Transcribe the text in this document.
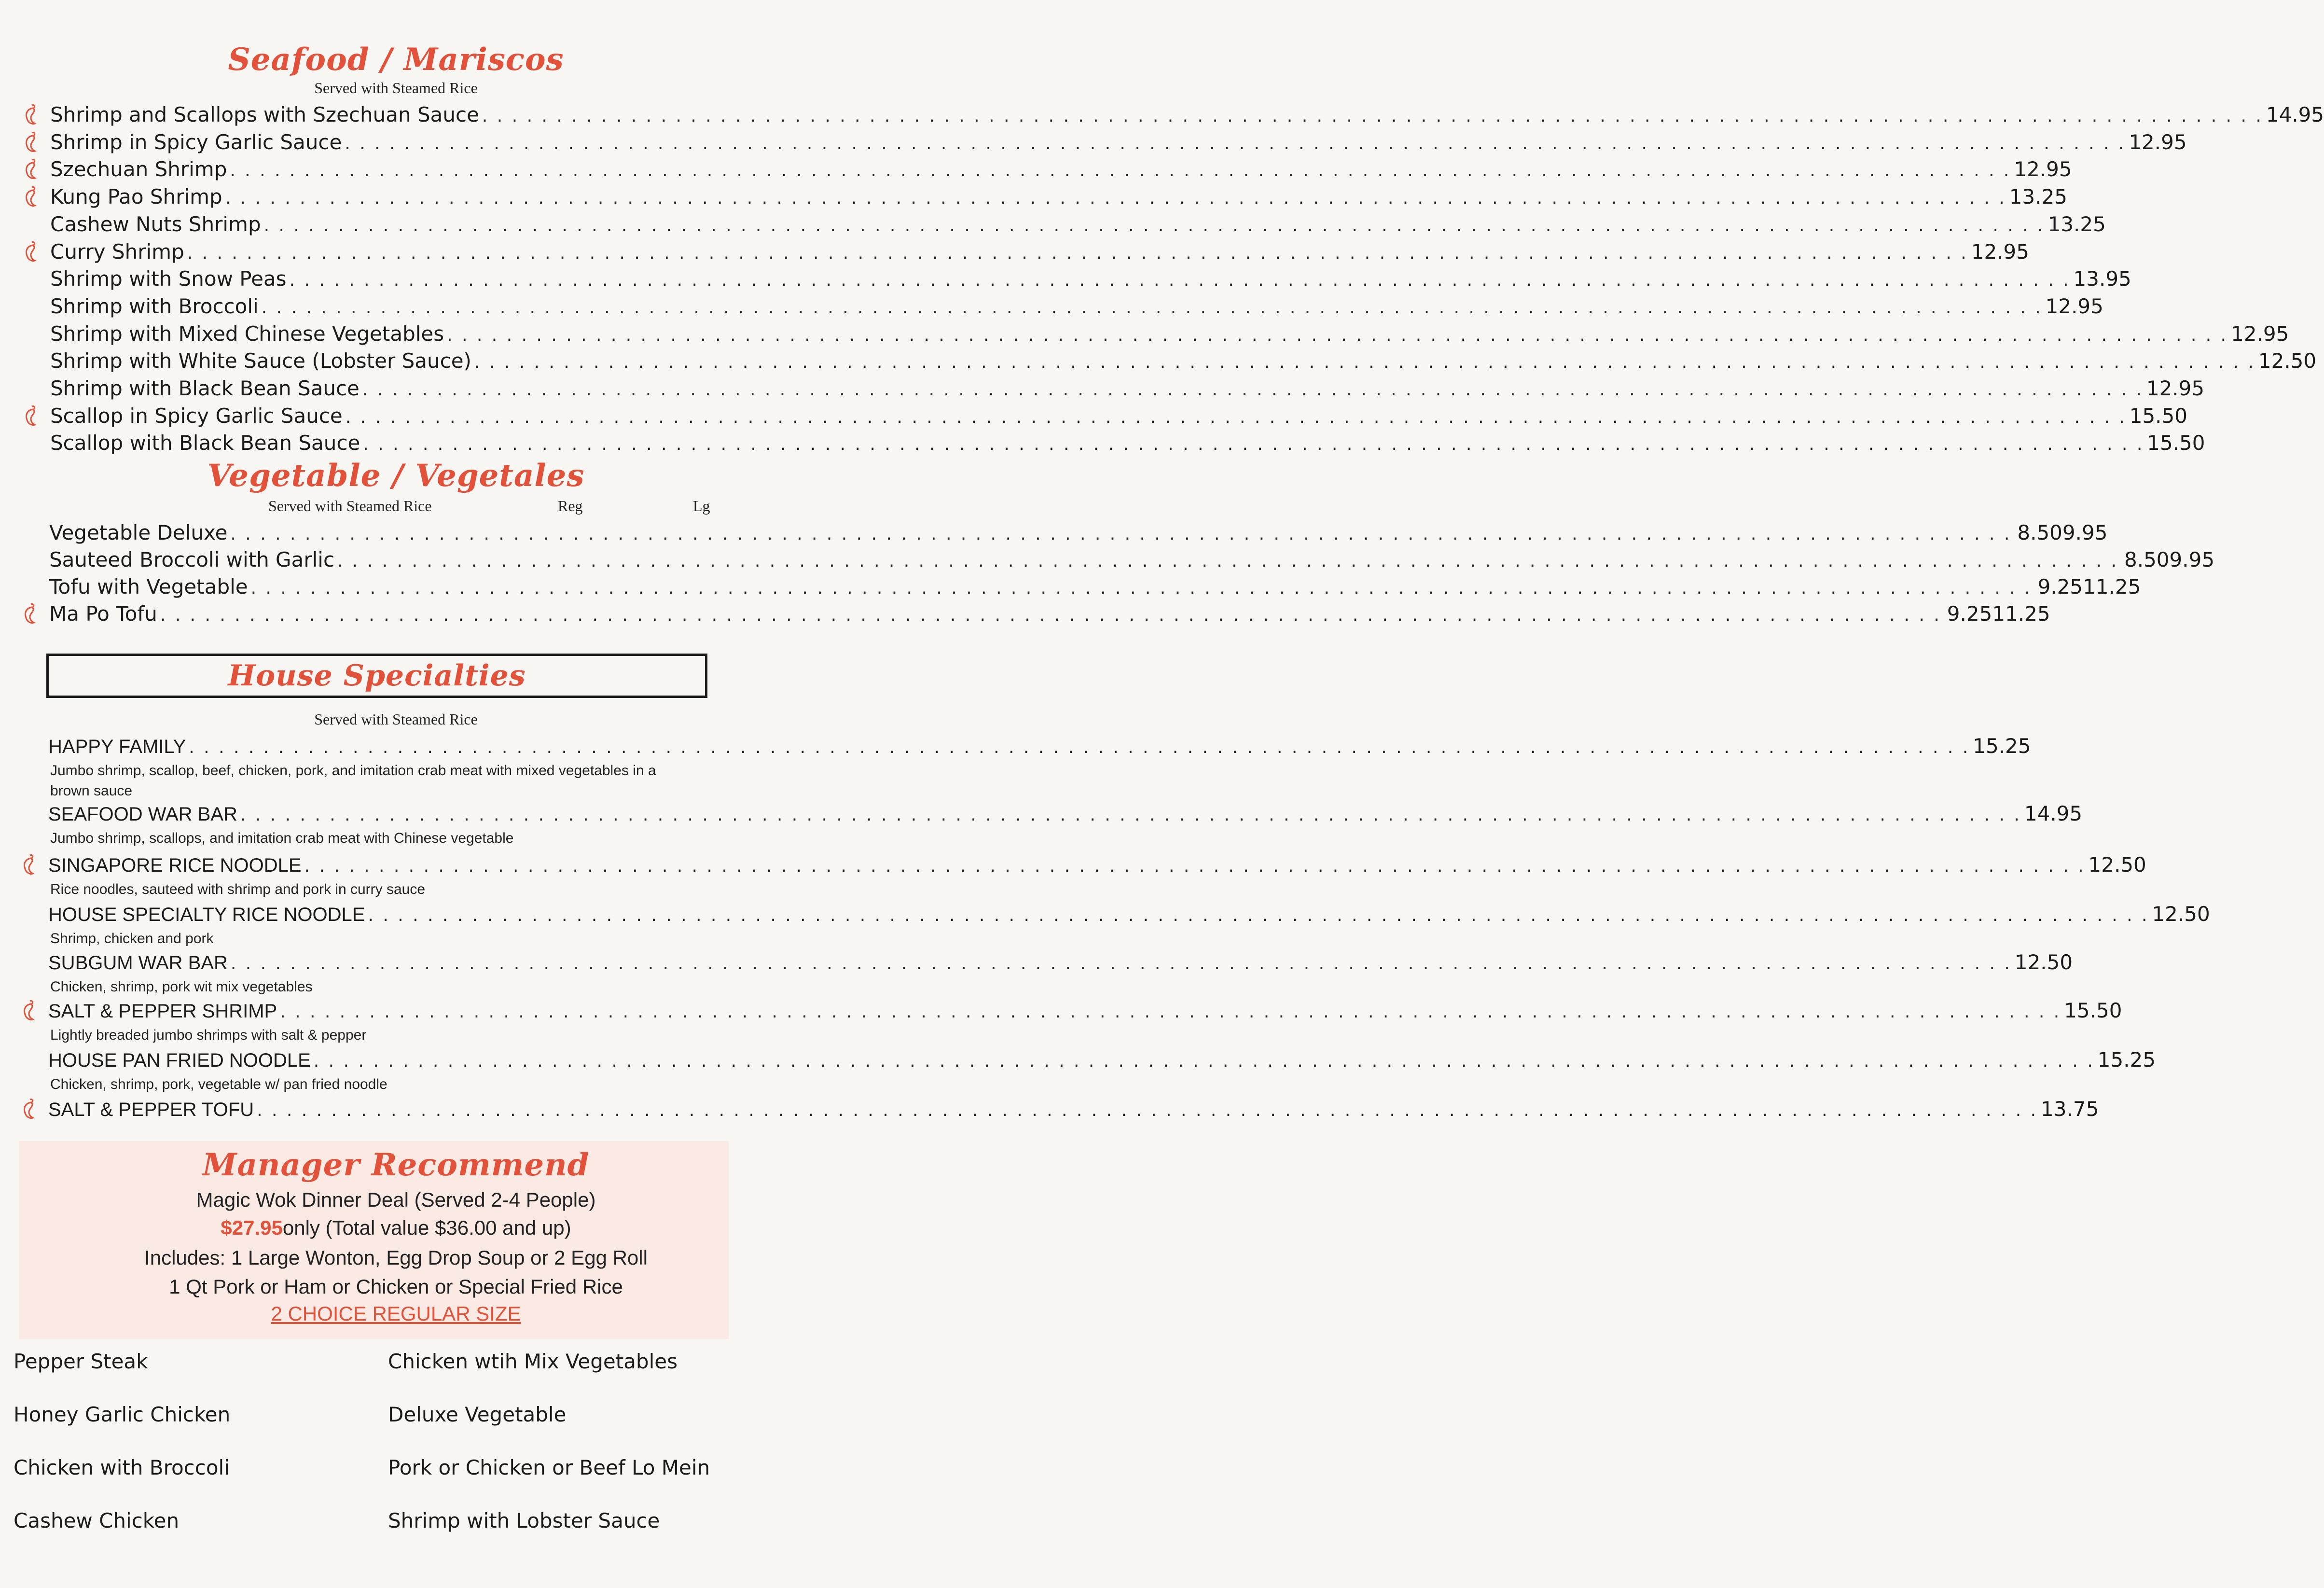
Seafood / Mariscos
Served with Steamed Rice
Shrimp and Scallops with Szechuan Sauce . . . . . . . . . . . . . . . . . . . . . . . . . . . . . . . . . . . . . . . . . . . . . . . . . . . . . . . . . . . . . . . . . . . . . . . . . . . . . . . . . . . . . . . . . . . . . . . . . . . . . . . . . . . . . . . . . . . . . . . . 14.95
Shrimp in Spicy Garlic Sauce . . . . . . . . . . . . . . . . . . . . . . . . . . . . . . . . . . . . . . . . . . . . . . . . . . . . . . . . . . . . . . . . . . . . . . . . . . . . . . . . . . . . . . . . . . . . . . . . . . . . . . . . . . . . . . . . . . . . . . . . 12.95
Szechuan Shrimp . . . . . . . . . . . . . . . . . . . . . . . . . . . . . . . . . . . . . . . . . . . . . . . . . . . . . . . . . . . . . . . . . . . . . . . . . . . . . . . . . . . . . . . . . . . . . . . . . . . . . . . . . . . . . . . . . . . . . . . . 12.95
Kung Pao Shrimp . . . . . . . . . . . . . . . . . . . . . . . . . . . . . . . . . . . . . . . . . . . . . . . . . . . . . . . . . . . . . . . . . . . . . . . . . . . . . . . . . . . . . . . . . . . . . . . . . . . . . . . . . . . . . . . . . . . . . . . . 13.25
Cashew Nuts Shrimp . . . . . . . . . . . . . . . . . . . . . . . . . . . . . . . . . . . . . . . . . . . . . . . . . . . . . . . . . . . . . . . . . . . . . . . . . . . . . . . . . . . . . . . . . . . . . . . . . . . . . . . . . . . . . . . . . . . . . . . . 13.25
Curry Shrimp . . . . . . . . . . . . . . . . . . . . . . . . . . . . . . . . . . . . . . . . . . . . . . . . . . . . . . . . . . . . . . . . . . . . . . . . . . . . . . . . . . . . . . . . . . . . . . . . . . . . . . . . . . . . . . . . . . . . . . . . 12.95
Shrimp with Snow Peas . . . . . . . . . . . . . . . . . . . . . . . . . . . . . . . . . . . . . . . . . . . . . . . . . . . . . . . . . . . . . . . . . . . . . . . . . . . . . . . . . . . . . . . . . . . . . . . . . . . . . . . . . . . . . . . . . . . . . . . . 13.95
Shrimp with Broccoli . . . . . . . . . . . . . . . . . . . . . . . . . . . . . . . . . . . . . . . . . . . . . . . . . . . . . . . . . . . . . . . . . . . . . . . . . . . . . . . . . . . . . . . . . . . . . . . . . . . . . . . . . . . . . . . . . . . . . . . . 12.95
Shrimp with Mixed Chinese Vegetables . . . . . . . . . . . . . . . . . . . . . . . . . . . . . . . . . . . . . . . . . . . . . . . . . . . . . . . . . . . . . . . . . . . . . . . . . . . . . . . . . . . . . . . . . . . . . . . . . . . . . . . . . . . . . . . . . . . . . . . . 12.95
Shrimp with White Sauce (Lobster Sauce) . . . . . . . . . . . . . . . . . . . . . . . . . . . . . . . . . . . . . . . . . . . . . . . . . . . . . . . . . . . . . . . . . . . . . . . . . . . . . . . . . . . . . . . . . . . . . . . . . . . . . . . . . . . . . . . . . . . . . . . . 12.50
Shrimp with Black Bean Sauce . . . . . . . . . . . . . . . . . . . . . . . . . . . . . . . . . . . . . . . . . . . . . . . . . . . . . . . . . . . . . . . . . . . . . . . . . . . . . . . . . . . . . . . . . . . . . . . . . . . . . . . . . . . . . . . . . . . . . . . . 12.95
Scallop in Spicy Garlic Sauce . . . . . . . . . . . . . . . . . . . . . . . . . . . . . . . . . . . . . . . . . . . . . . . . . . . . . . . . . . . . . . . . . . . . . . . . . . . . . . . . . . . . . . . . . . . . . . . . . . . . . . . . . . . . . . . . . . . . . . . . 15.50
Scallop with Black Bean Sauce . . . . . . . . . . . . . . . . . . . . . . . . . . . . . . . . . . . . . . . . . . . . . . . . . . . . . . . . . . . . . . . . . . . . . . . . . . . . . . . . . . . . . . . . . . . . . . . . . . . . . . . . . . . . . . . . . . . . . . . . 15.50
Vegetable / Vegetales
Served with Steamed Rice	Reg	Lg
Vegetable Deluxe . . . . . . . . . . . . . . . . . . . . . . . . . . . . . . . . . . . . . . . . . . . . . . . . . . . . . . . . . . . . . . . . . . . . . . . . . . . . . . . . . . . . . . . . . . . . . . . . . . . . . . . . . . . . . . . . . . . . . . . . 8.50 9.95
Sauteed Broccoli with Garlic . . . . . . . . . . . . . . . . . . . . . . . . . . . . . . . . . . . . . . . . . . . . . . . . . . . . . . . . . . . . . . . . . . . . . . . . . . . . . . . . . . . . . . . . . . . . . . . . . . . . . . . . . . . . . . . . . . . . . . . . 8.50 9.95
Tofu with Vegetable . . . . . . . . . . . . . . . . . . . . . . . . . . . . . . . . . . . . . . . . . . . . . . . . . . . . . . . . . . . . . . . . . . . . . . . . . . . . . . . . . . . . . . . . . . . . . . . . . . . . . . . . . . . . . . . . . . . . . . . . 9.25 11.25
Ma Po Tofu . . . . . . . . . . . . . . . . . . . . . . . . . . . . . . . . . . . . . . . . . . . . . . . . . . . . . . . . . . . . . . . . . . . . . . . . . . . . . . . . . . . . . . . . . . . . . . . . . . . . . . . . . . . . . . . . . . . . . . . . 9.25 11.25
House Specialties
Served with Steamed Rice
HAPPY FAMILY . . . . . . . . . . . . . . . . . . . . . . . . . . . . . . . . . . . . . . . . . . . . . . . . . . . . . . . . . . . . . . . . . . . . . . . . . . . . . . . . . . . . . . . . . . . . . . . . . . . . . . . . . . . . . . . . . . . . . . . . 15.25
Jumbo shrimp, scallop, beef, chicken, pork, and imitation crab meat with mixed vegetables in a brown sauce
SEAFOOD WAR BAR . . . . . . . . . . . . . . . . . . . . . . . . . . . . . . . . . . . . . . . . . . . . . . . . . . . . . . . . . . . . . . . . . . . . . . . . . . . . . . . . . . . . . . . . . . . . . . . . . . . . . . . . . . . . . . . . . . . . . . . . 14.95
Jumbo shrimp, scallops, and imitation crab meat with Chinese vegetable
SINGAPORE RICE NOODLE . . . . . . . . . . . . . . . . . . . . . . . . . . . . . . . . . . . . . . . . . . . . . . . . . . . . . . . . . . . . . . . . . . . . . . . . . . . . . . . . . . . . . . . . . . . . . . . . . . . . . . . . . . . . . . . . . . . . . . . . 12.50
Rice noodles, sauteed with shrimp and pork in curry sauce
HOUSE SPECIALTY RICE NOODLE . . . . . . . . . . . . . . . . . . . . . . . . . . . . . . . . . . . . . . . . . . . . . . . . . . . . . . . . . . . . . . . . . . . . . . . . . . . . . . . . . . . . . . . . . . . . . . . . . . . . . . . . . . . . . . . . . . . . . . . . 12.50
Shrimp, chicken and pork
SUBGUM WAR BAR . . . . . . . . . . . . . . . . . . . . . . . . . . . . . . . . . . . . . . . . . . . . . . . . . . . . . . . . . . . . . . . . . . . . . . . . . . . . . . . . . . . . . . . . . . . . . . . . . . . . . . . . . . . . . . . . . . . . . . . . 12.50
Chicken, shrimp, pork wit mix vegetables
SALT & PEPPER SHRIMP . . . . . . . . . . . . . . . . . . . . . . . . . . . . . . . . . . . . . . . . . . . . . . . . . . . . . . . . . . . . . . . . . . . . . . . . . . . . . . . . . . . . . . . . . . . . . . . . . . . . . . . . . . . . . . . . . . . . . . . . 15.50
Lightly breaded jumbo shrimps with salt & pepper
HOUSE PAN FRIED NOODLE . . . . . . . . . . . . . . . . . . . . . . . . . . . . . . . . . . . . . . . . . . . . . . . . . . . . . . . . . . . . . . . . . . . . . . . . . . . . . . . . . . . . . . . . . . . . . . . . . . . . . . . . . . . . . . . . . . . . . . . . 15.25
Chicken, shrimp, pork, vegetable w/ pan fried noodle
SALT & PEPPER TOFU . . . . . . . . . . . . . . . . . . . . . . . . . . . . . . . . . . . . . . . . . . . . . . . . . . . . . . . . . . . . . . . . . . . . . . . . . . . . . . . . . . . . . . . . . . . . . . . . . . . . . . . . . . . . . . . . . . . . . . . . 13.75
Manager Recommend
Magic Wok Dinner Deal (Served 2-4 People)
$27.95only (Total value $36.00 and up)
Includes: 1 Large Wonton, Egg Drop Soup or 2 Egg Roll
1 Qt Pork or Ham or Chicken or Special Fried Rice
2 CHOICE REGULAR SIZE
Pepper Steak
Honey Garlic Chicken
Chicken with Broccoli
Cashew Chicken
Chicken wtih Mix Vegetables
Deluxe Vegetable
Pork or Chicken or Beef Lo Mein
Shrimp with Lobster Sauce
